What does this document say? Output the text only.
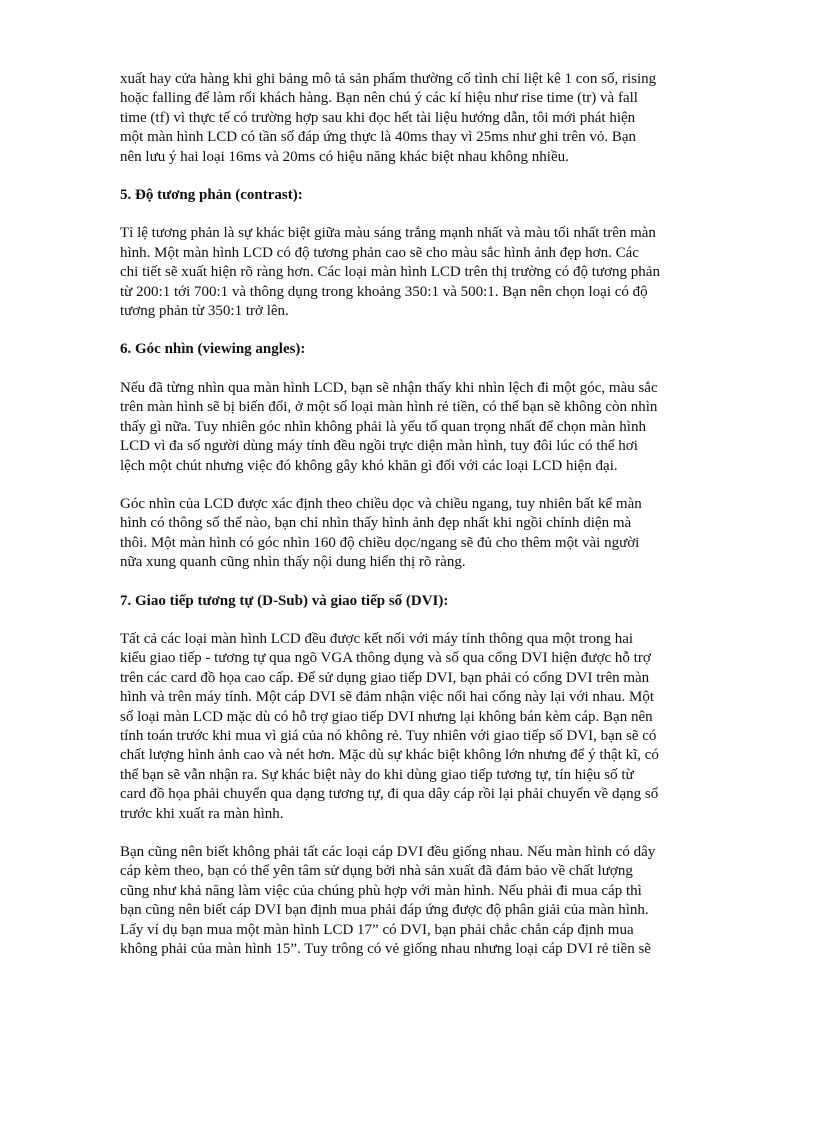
xuất hay cửa hàng khi ghi bảng mô tả sản phẩm thường cố tình chỉ liệt kê 1 con số, rising
hoặc falling để làm rối khách hàng. Bạn nên chú ý các kí hiệu như rise time (tr) và fall
time (tf) vì thực tế có trường hợp sau khi đọc hết tài liệu hướng dẫn, tôi mới phát hiện
một màn hình LCD có tần số đáp ứng thực là 40ms thay vì 25ms như ghi trên vỏ. Bạn
nên lưu ý hai loại 16ms và 20ms có hiệu năng khác biệt nhau không nhiều.
5. Độ tương phản (contrast):
Tỉ lệ tương phản là sự khác biệt giữa màu sáng trắng mạnh nhất và màu tối nhất trên màn
hình. Một màn hình LCD có độ tương phản cao sẽ cho màu sắc hình ảnh đẹp hơn. Các
chi tiết sẽ xuất hiện rõ ràng hơn. Các loại màn hình LCD trên thị trường có độ tương phản
từ 200:1 tới 700:1 và thông dụng trong khoảng 350:1 và 500:1. Bạn nên chọn loại có độ
tương phản từ 350:1 trở lên.
6. Góc nhìn (viewing angles):
Nếu đã từng nhìn qua màn hình LCD, bạn sẽ nhận thấy khi nhìn lệch đi một góc, màu sắc
trên màn hình sẽ bị biến đổi, ở một số loại màn hình rẻ tiền, có thể bạn sẽ không còn nhìn
thấy gì nữa. Tuy nhiên góc nhìn không phải là yếu tố quan trọng nhất để chọn màn hình
LCD vì đa số người dùng máy tính đều ngồi trực diện màn hình, tuy đôi lúc có thể hơi
lệch một chút nhưng việc đó không gây khó khăn gì đối với các loại LCD hiện đại.
Góc nhìn của LCD được xác định theo chiều dọc và chiều ngang, tuy nhiên bất kể màn
hình có thông số thế nào, bạn chỉ nhìn thấy hình ảnh đẹp nhất khi ngồi chính diện mà
thôi. Một màn hình có góc nhìn 160 độ chiều dọc/ngang sẽ đủ cho thêm một vài người
nữa xung quanh cũng nhìn thấy nội dung hiển thị rõ ràng.
7. Giao tiếp tương tự (D-Sub) và giao tiếp số (DVI):
Tất cả các loại màn hình LCD đều được kết nối với máy tính thông qua một trong hai
kiểu giao tiếp - tương tự qua ngõ VGA thông dụng và số qua cổng DVI hiện được hỗ trợ
trên các card đồ họa cao cấp. Để sử dụng giao tiếp DVI, bạn phải có cổng DVI trên màn
hình và trên máy tính. Một cáp DVI sẽ đảm nhận việc nối hai cổng này lại với nhau. Một
số loại màn LCD mặc dù có hỗ trợ giao tiếp DVI nhưng lại không bán kèm cáp. Bạn nên
tính toán trước khi mua vì giá của nó không rẻ. Tuy nhiên với giao tiếp số DVI, bạn sẽ có
chất lượng hình ảnh cao và nét hơn. Mặc dù sự khác biệt không lớn nhưng để ý thật kĩ, có
thể bạn sẽ vẫn nhận ra. Sự khác biệt này do khi dùng giao tiếp tương tự, tín hiệu số từ
card đồ họa phải chuyển qua dạng tương tự, đi qua dây cáp rồi lại phải chuyển về dạng số
trước khi xuất ra màn hình.
Bạn cũng nên biết không phải tất các loại cáp DVI đều giống nhau. Nếu màn hình có dây
cáp kèm theo, bạn có thể yên tâm sử dụng bởi nhà sản xuất đã đảm bảo về chất lượng
cũng như khả năng làm việc của chúng phù hợp với màn hình. Nếu phải đi mua cáp thì
bạn cũng nên biết cáp DVI bạn định mua phải đáp ứng được độ phân giải của màn hình.
Lấy ví dụ bạn mua một màn hình LCD 17” có DVI, bạn phải chắc chắn cáp định mua
không phải của màn hình 15”. Tuy trông có vẻ giống nhau nhưng loại cáp DVI rẻ tiền sẽ
